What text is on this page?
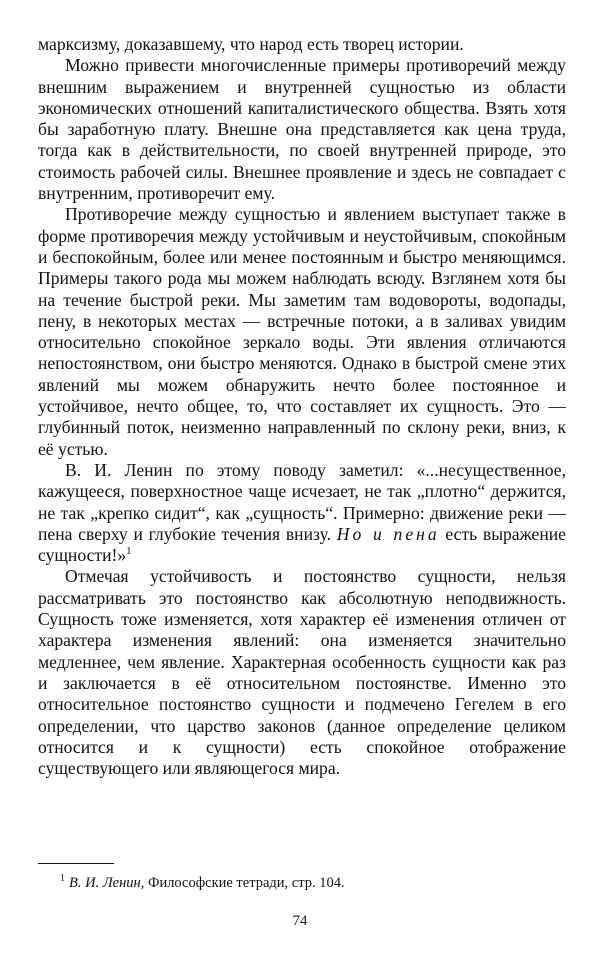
марксизму, доказавшему, что народ есть творец истории.

Можно привести многочисленные примеры противоречий между внешним выражением и внутренней сущностью из области экономических отношений капиталистического общества. Взять хотя бы заработную плату. Внешне она представляется как цена труда, тогда как в действительности, по своей внутренней природе, это стоимость рабочей силы. Внешнее проявление и здесь не совпадает с внутренним, противоречит ему.

Противоречие между сущностью и явлением выступает также в форме противоречия между устойчивым и неустойчивым, спокойным и беспокойным, более или менее постоянным и быстро меняющимся. Примеры такого рода мы можем наблюдать всюду. Взглянем хотя бы на течение быстрой реки. Мы заметим там водовороты, водопады, пену, в некоторых местах — встречные потоки, а в заливах увидим относительно спокойное зеркало воды. Эти явления отличаются непостоянством, они быстро меняются. Однако в быстрой смене этих явлений мы можем обнаружить нечто более постоянное и устойчивое, нечто общее, то, что составляет их сущность. Это — глубинный поток, неизменно направленный по склону реки, вниз, к её устью.

В. И. Ленин по этому поводу заметил: «...несущественное, кажущееся, поверхностное чаще исчезает, не так „плотно“ держится, не так „крепко сидит“, как „сущность“. Примерно: движение реки — пена сверху и глубокие течения внизу. Но и пена есть выражение сущности!»$^1$

Отмечая устойчивость и постоянство сущности, нельзя рассматривать это постоянство как абсолютную неподвижность. Сущность тоже изменяется, хотя характер её изменения отличен от характера изменения явлений: она изменяется значительно медленнее, чем явление. Характерная особенность сущности как раз и заключается в её относительном постоянстве. Именно это относительное постоянство сущности и подмечено Гегелем в его определении, что царство законов (данное определение целиком относится и к сущности) есть спокойное отображение существующего или являющегося мира.

$^1$ В. И. Ленин, Философские тетради, стр. 104.
74
